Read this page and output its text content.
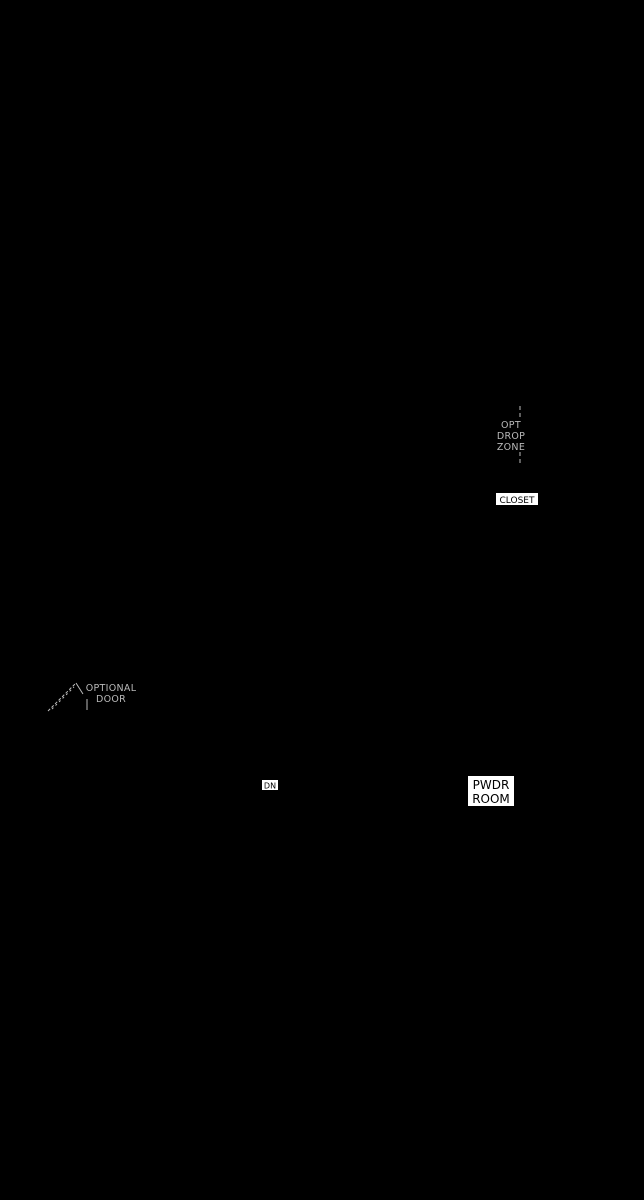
OPT
DROP
ZONE
CLOSET
OPTIONAL
DOOR
DN	PWDR
ROOM
